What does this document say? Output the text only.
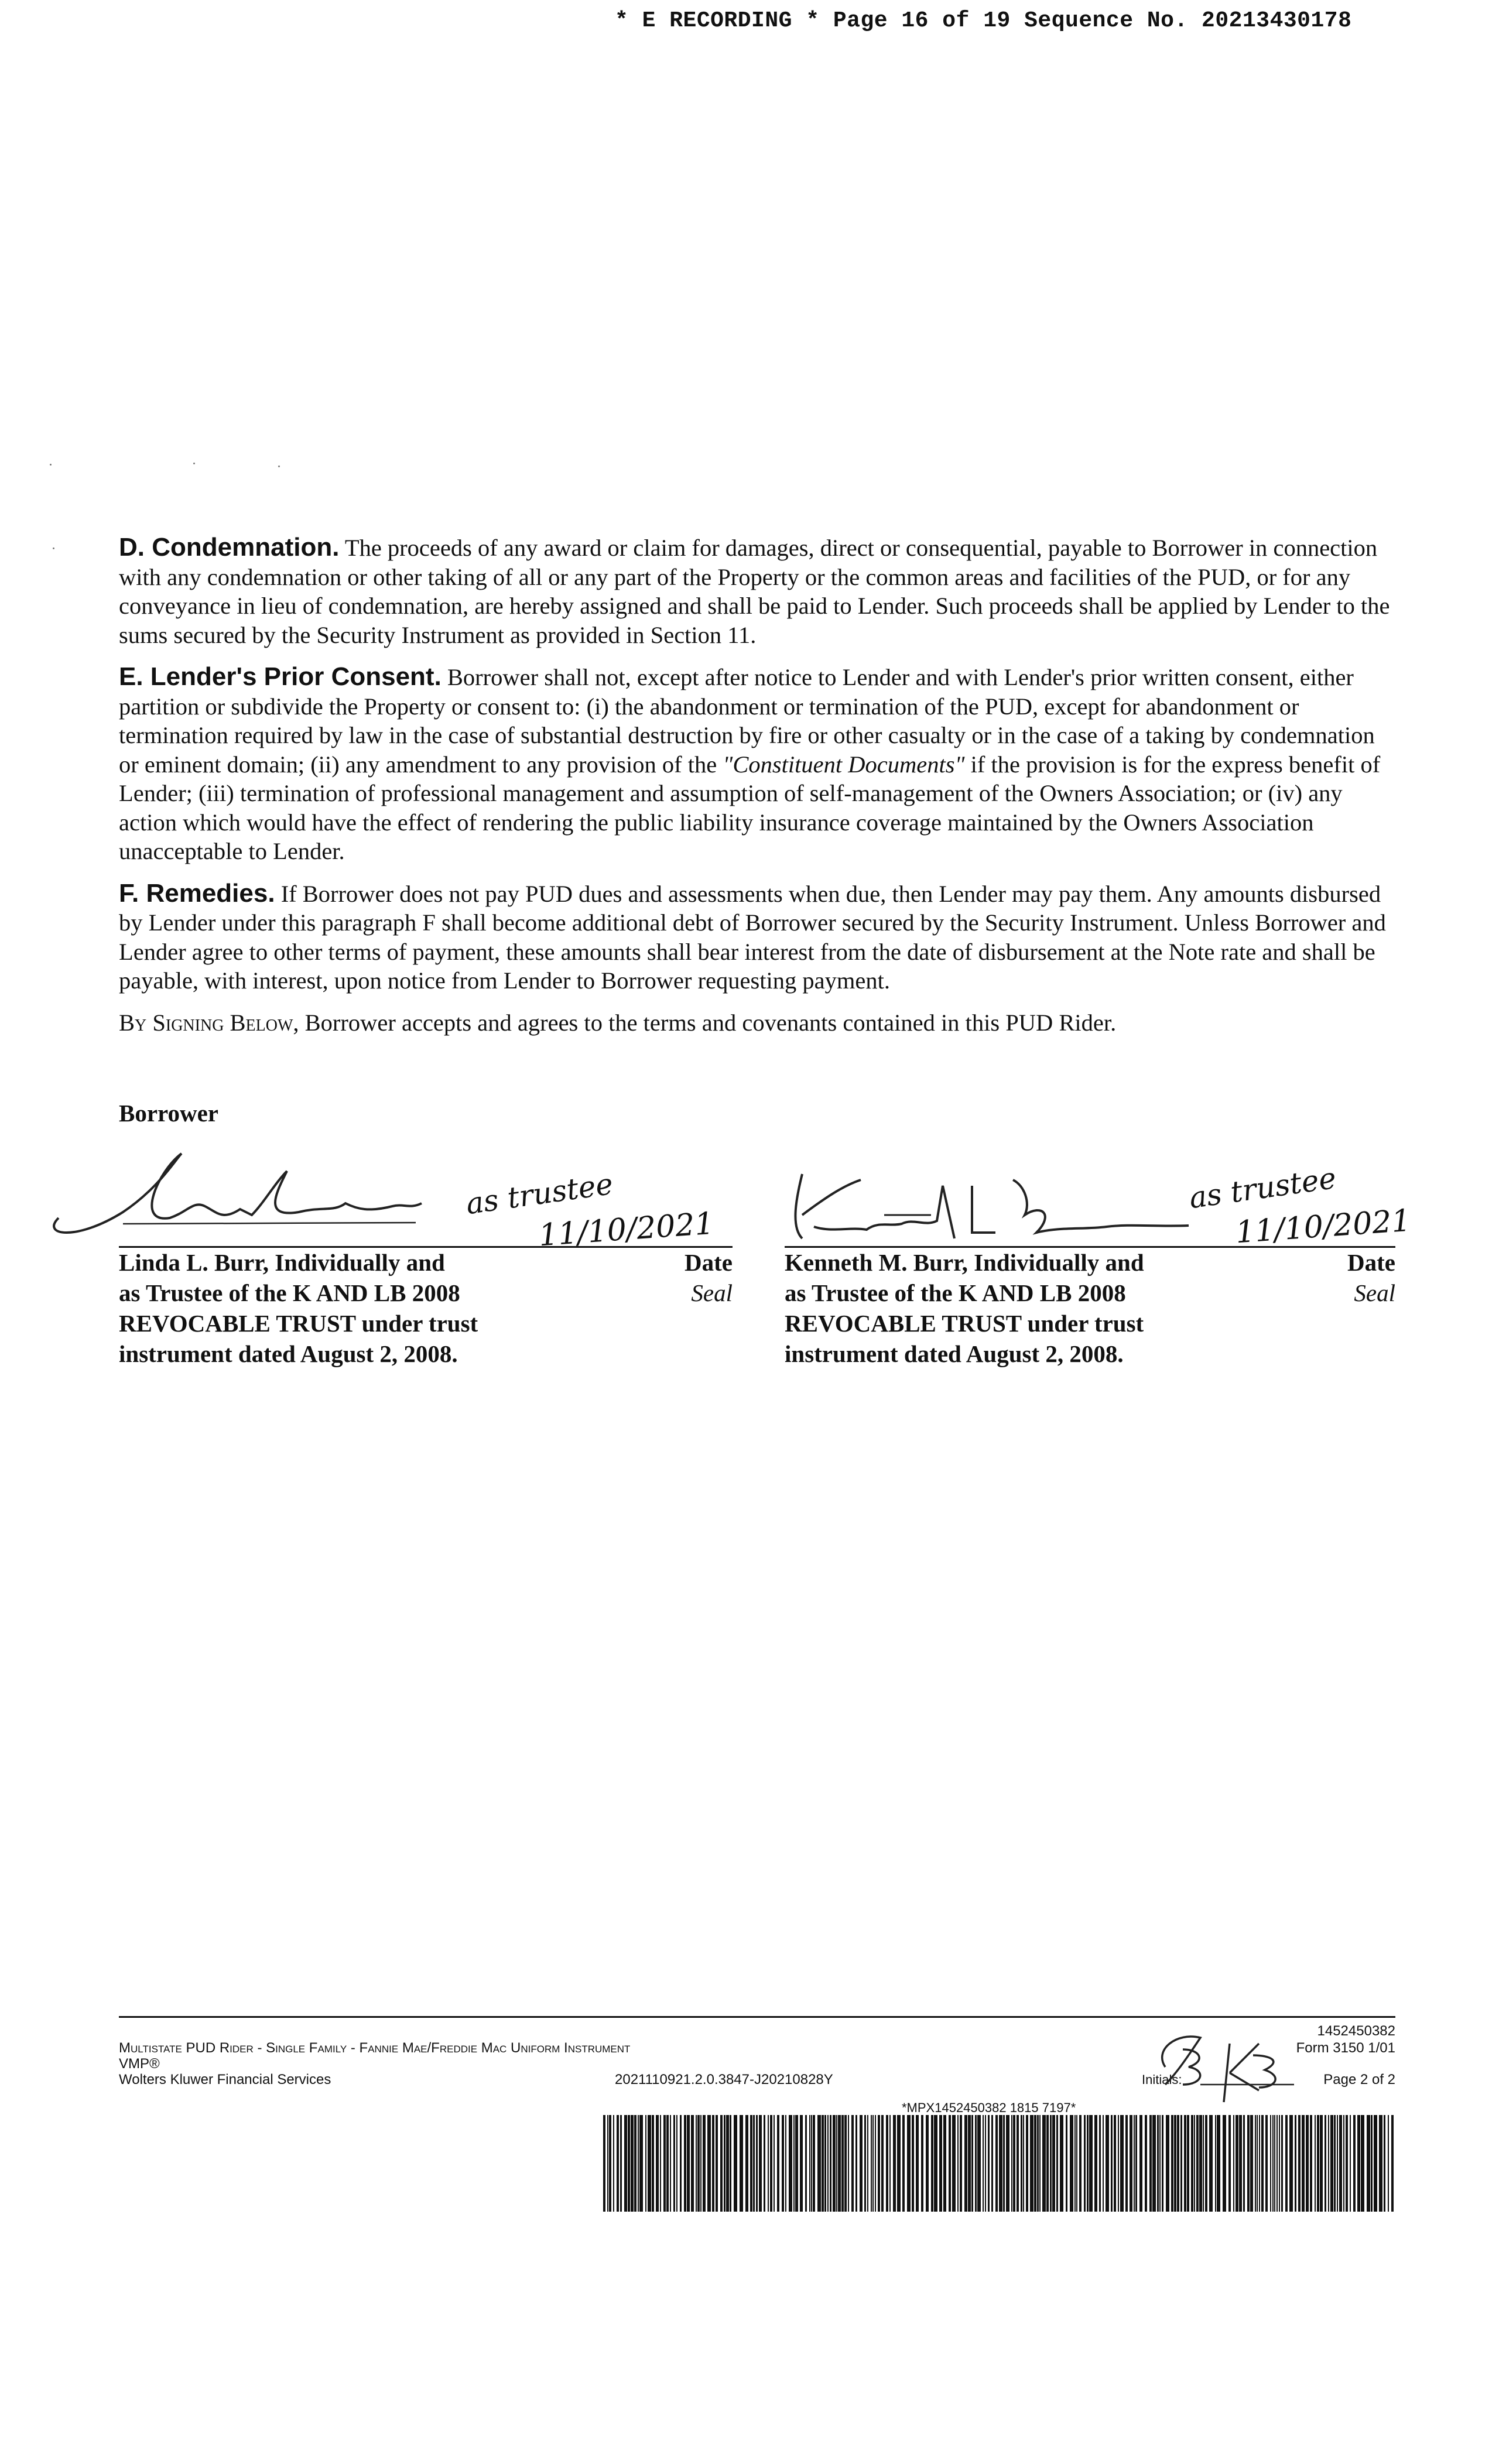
* E RECORDING * Page 16 of 19 Sequence No. 20213430178

D. Condemnation. The proceeds of any award or claim for damages, direct or consequential, payable to Borrower in connection with any condemnation or other taking of all or any part of the Property or the common areas and facilities of the PUD, or for any conveyance in lieu of condemnation, are hereby assigned and shall be paid to Lender. Such proceeds shall be applied by Lender to the sums secured by the Security Instrument as provided in Section 11.

E. Lender's Prior Consent. Borrower shall not, except after notice to Lender and with Lender's prior written consent, either partition or subdivide the Property or consent to: (i) the abandonment or termination of the PUD, except for abandonment or termination required by law in the case of substantial destruction by fire or other casualty or in the case of a taking by condemnation or eminent domain; (ii) any amendment to any provision of the "Constituent Documents" if the provision is for the express benefit of Lender; (iii) termination of professional management and assumption of self-management of the Owners Association; or (iv) any action which would have the effect of rendering the public liability insurance coverage maintained by the Owners Association unacceptable to Lender.

F. Remedies. If Borrower does not pay PUD dues and assessments when due, then Lender may pay them. Any amounts disbursed by Lender under this paragraph F shall become additional debt of Borrower secured by the Security Instrument. Unless Borrower and Lender agree to other terms of payment, these amounts shall bear interest from the date of disbursement at the Note rate and shall be payable, with interest, upon notice from Lender to Borrower requesting payment.

By Signing Below, Borrower accepts and agrees to the terms and covenants contained in this PUD Rider.

Borrower
as trustee
11/10/2021
Linda L. Burr, Individually and
as Trustee of the K AND LB 2008
REVOCABLE TRUST under trust
instrument dated August 2, 2008.
Date
Seal
as trustee
11/10/2021
Kenneth M. Burr, Individually and
as Trustee of the K AND LB 2008
REVOCABLE TRUST under trust
instrument dated August 2, 2008.
Date
Seal
Multistate PUD Rider - Single Family - Fannie Mae/Freddie Mac Uniform Instrument
VMP®
Wolters Kluwer Financial Services	2021110921.2.0.3847-J20210828Y
1452450382
Form 3150 1/01
Initials:	Page 2 of 2
*MPX1452450382 1815 7197*
